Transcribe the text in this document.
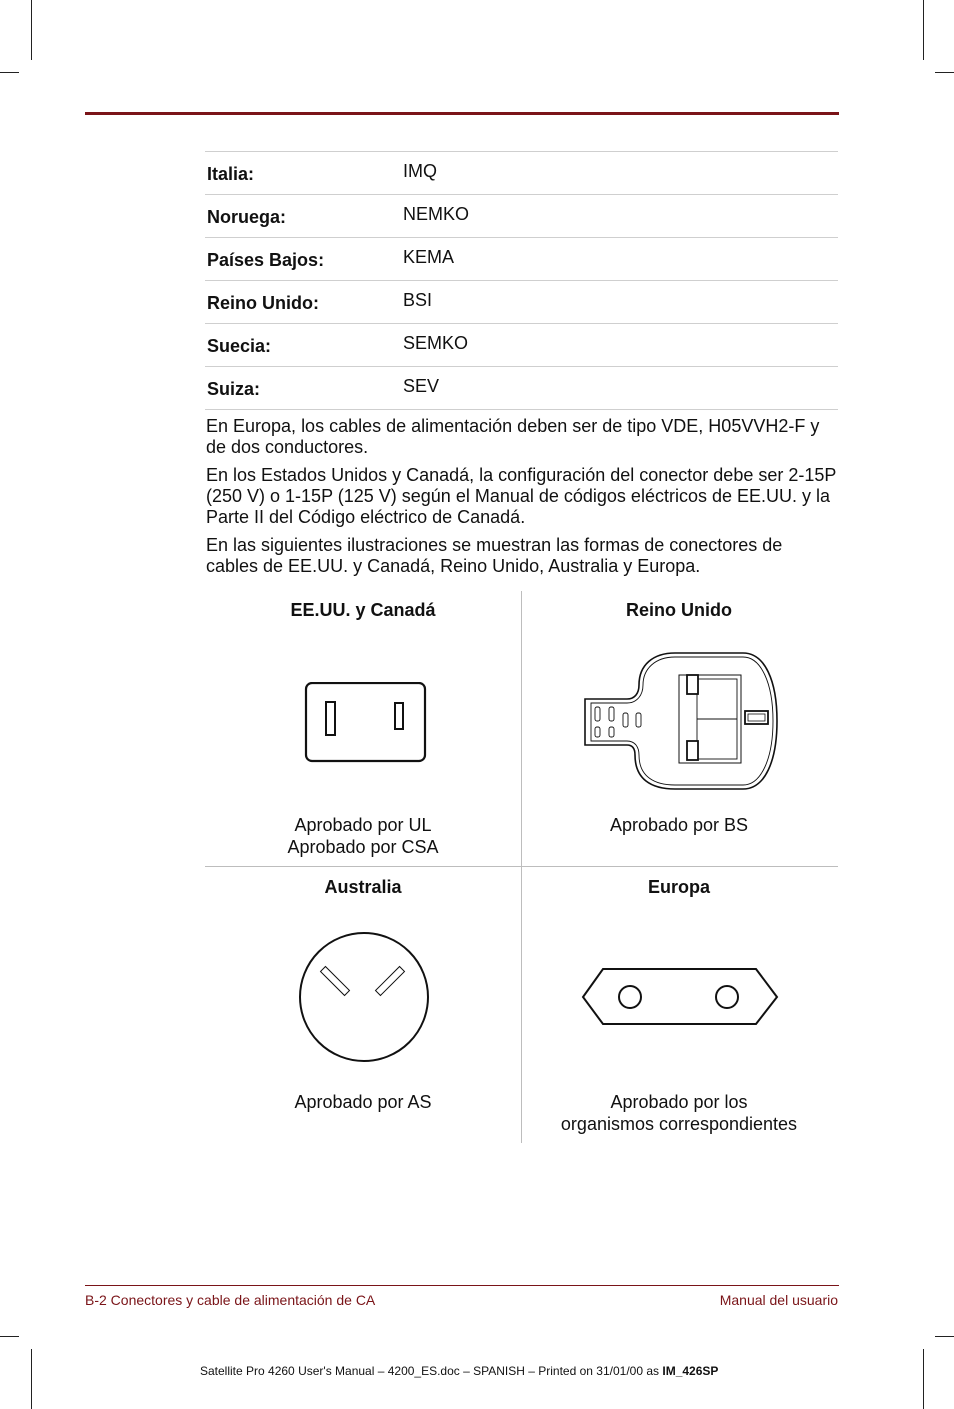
Italia:	IMQ
Noruega:	NEMKO
Países Bajos:	KEMA
Reino Unido:	BSI
Suecia:	SEMKO
Suiza:	SEV

En Europa, los cables de alimentación deben ser de tipo VDE, H05VVH2-F y de dos conductores.

En los Estados Unidos y Canadá, la configuración del conector debe ser 2-15P (250 V) o 1-15P (125 V) según el Manual de códigos eléctricos de EE.UU. y la Parte II del Código eléctrico de Canadá.

En las siguientes ilustraciones se muestran las formas de conectores de cables de EE.UU. y Canadá, Reino Unido, Australia y Europa.

EE.UU. y Canadá
Aprobado por UL
Aprobado por CSA
Reino Unido
Aprobado por BS
Australia
Aprobado por AS
Europa
Aprobado por los
organismos correspondientes
B-2 Conectores y cable de alimentación de CA	Manual del usuario
Satellite Pro 4260 User's Manual – 4200_ES.doc – SPANISH – Printed on 31/01/00 as IM_426SP
